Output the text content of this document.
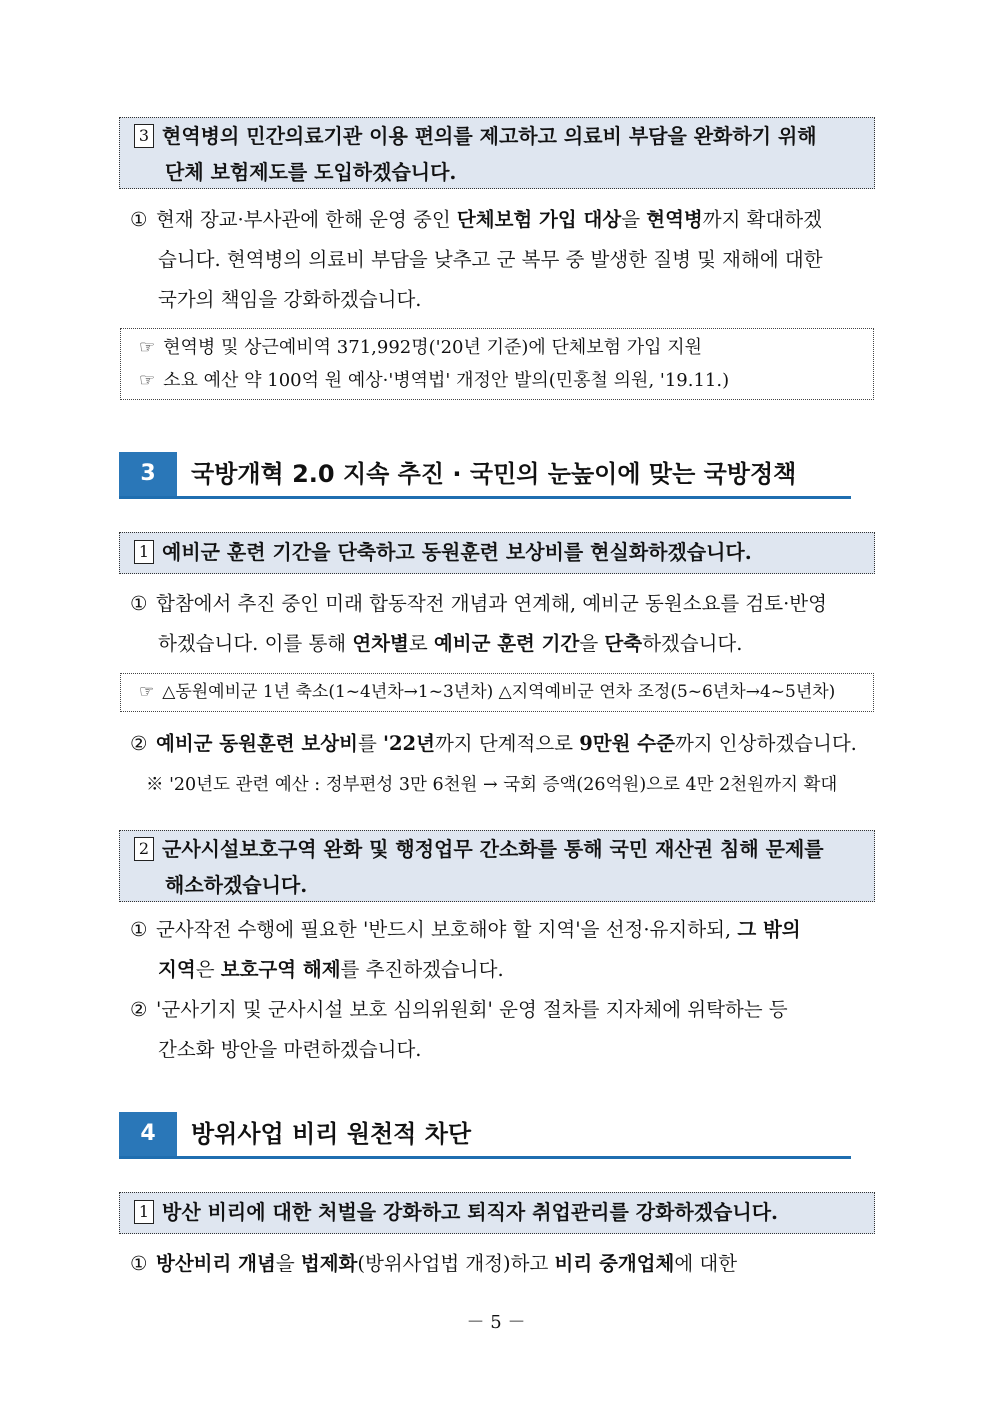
3 현역병의 민간의료기관 이용 편의를 제고하고 의료비 부담을 완화하기 위해
단체 보험제도를 도입하겠습니다.
① 현재 장교·부사관에 한해 운영 중인 단체보험 가입 대상을 현역병까지 확대하겠
습니다. 현역병의 의료비 부담을 낮추고 군 복무 중 발생한 질병 및 재해에 대한
국가의 책임을 강화하겠습니다.
☞ 현역병 및 상근예비역 371,992명('20년 기준)에 단체보험 가입 지원
☞ 소요 예산 약 100억 원 예상·'병역법' 개정안 발의(민홍철 의원, '19.11.)
3	국방개혁 2.0 지속 추진 · 국민의 눈높이에 맞는 국방정책
1 예비군 훈련 기간을 단축하고 동원훈련 보상비를 현실화하겠습니다.
① 합참에서 추진 중인 미래 합동작전 개념과 연계해, 예비군 동원소요를 검토·반영
하겠습니다. 이를 통해 연차별로 예비군 훈련 기간을 단축하겠습니다.
☞ △동원예비군 1년 축소(1~4년차→1~3년차) △지역예비군 연차 조정(5~6년차→4~5년차)
② 예비군 동원훈련 보상비를 '22년까지 단계적으로 9만원 수준까지 인상하겠습니다.
※ '20년도 관련 예산 : 정부편성 3만 6천원 → 국회 증액(26억원)으로 4만 2천원까지 확대
2 군사시설보호구역 완화 및 행정업무 간소화를 통해 국민 재산권 침해 문제를
해소하겠습니다.
① 군사작전 수행에 필요한 '반드시 보호해야 할 지역'을 선정·유지하되, 그 밖의
지역은 보호구역 해제를 추진하겠습니다.
② '군사기지 및 군사시설 보호 심의위원회' 운영 절차를 지자체에 위탁하는 등
간소화 방안을 마련하겠습니다.
4	방위사업 비리 원천적 차단
1 방산 비리에 대한 처벌을 강화하고 퇴직자 취업관리를 강화하겠습니다.
① 방산비리 개념을 법제화(방위사업법 개정)하고 비리 중개업체에 대한
－ 5 －
